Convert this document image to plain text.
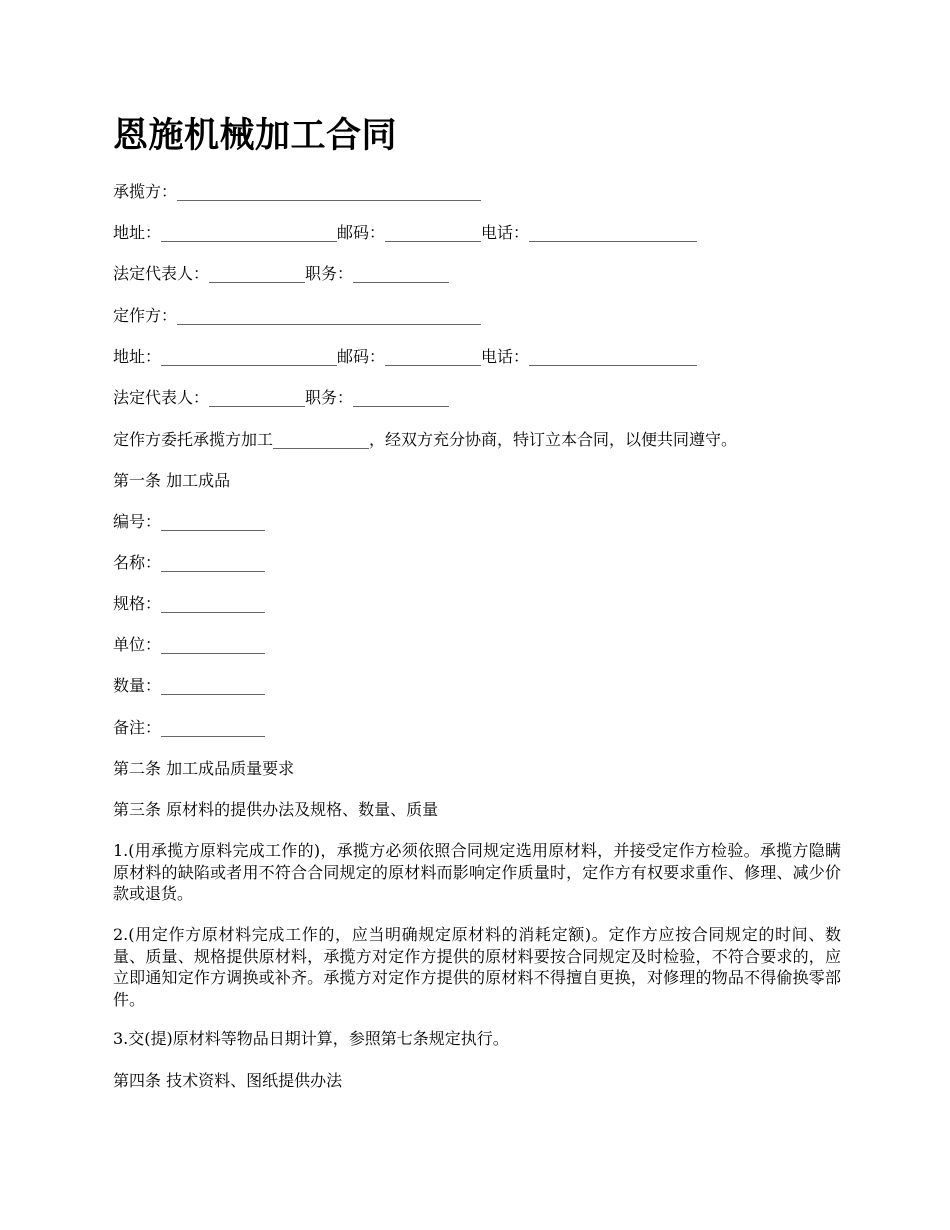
恩施机械加工合同
承揽方：______________________________________
地址：______________________邮码：____________电话：_____________________
法定代表人：____________职务：____________
定作方：______________________________________
地址：______________________邮码：____________电话：_____________________
法定代表人：____________职务：____________
定作方委托承揽方加工____________，经双方充分协商，特订立本合同，以便共同遵守。
第一条 加工成品
编号：_____________
名称：_____________
规格：_____________
单位：_____________
数量：_____________
备注：_____________
第二条 加工成品质量要求
第三条 原材料的提供办法及规格、数量、质量
1.(用承揽方原料完成工作的)，承揽方必须依照合同规定选用原材料，并接受定作方检验。承揽方隐瞒原材料的缺陷或者用不符合合同规定的原材料而影响定作质量时，定作方有权要求重作、修理、减少价款或退货。
2.(用定作方原材料完成工作的，应当明确规定原材料的消耗定额)。定作方应按合同规定的时间、数量、质量、规格提供原材料，承揽方对定作方提供的原材料要按合同规定及时检验，不符合要求的，应立即通知定作方调换或补齐。承揽方对定作方提供的原材料不得擅自更换，对修理的物品不得偷换零部件。
3.交(提)原材料等物品日期计算，参照第七条规定执行。
第四条 技术资料、图纸提供办法
